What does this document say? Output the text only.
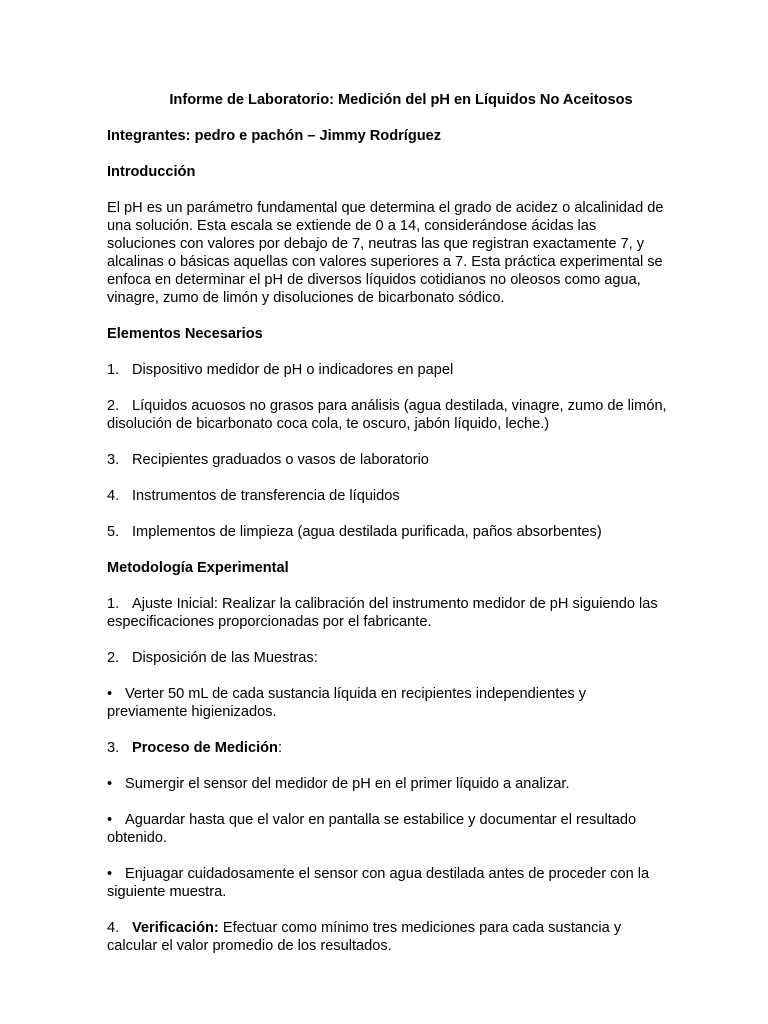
Informe de Laboratorio: Medición del pH en Líquidos No Aceitosos

Integrantes: pedro e pachón – Jimmy Rodríguez

Introducción

El pH es un parámetro fundamental que determina el grado de acidez o alcalinidad de una solución. Esta escala se extiende de 0 a 14, considerándose ácidas las soluciones con valores por debajo de 7, neutras las que registran exactamente 7, y alcalinas o básicas aquellas con valores superiores a 7. Esta práctica experimental se enfoca en determinar el pH de diversos líquidos cotidianos no oleosos como agua, vinagre, zumo de limón y disoluciones de bicarbonato sódico.

Elementos Necesarios

1. Dispositivo medidor de pH o indicadores en papel

2. Líquidos acuosos no grasos para análisis (agua destilada, vinagre, zumo de limón, disolución de bicarbonato coca cola, te oscuro, jabón líquido, leche.)

3. Recipientes graduados o vasos de laboratorio

4. Instrumentos de transferencia de líquidos

5. Implementos de limpieza (agua destilada purificada, paños absorbentes)

Metodología Experimental

1. Ajuste Inicial: Realizar la calibración del instrumento medidor de pH siguiendo las especificaciones proporcionadas por el fabricante.

2. Disposición de las Muestras:

• Verter 50 mL de cada sustancia líquida en recipientes independientes y previamente higienizados.

3. Proceso de Medición:

• Sumergir el sensor del medidor de pH en el primer líquido a analizar.

• Aguardar hasta que el valor en pantalla se estabilice y documentar el resultado obtenido.

• Enjuagar cuidadosamente el sensor con agua destilada antes de proceder con la siguiente muestra.

4. Verificación: Efectuar como mínimo tres mediciones para cada sustancia y calcular el valor promedio de los resultados.
